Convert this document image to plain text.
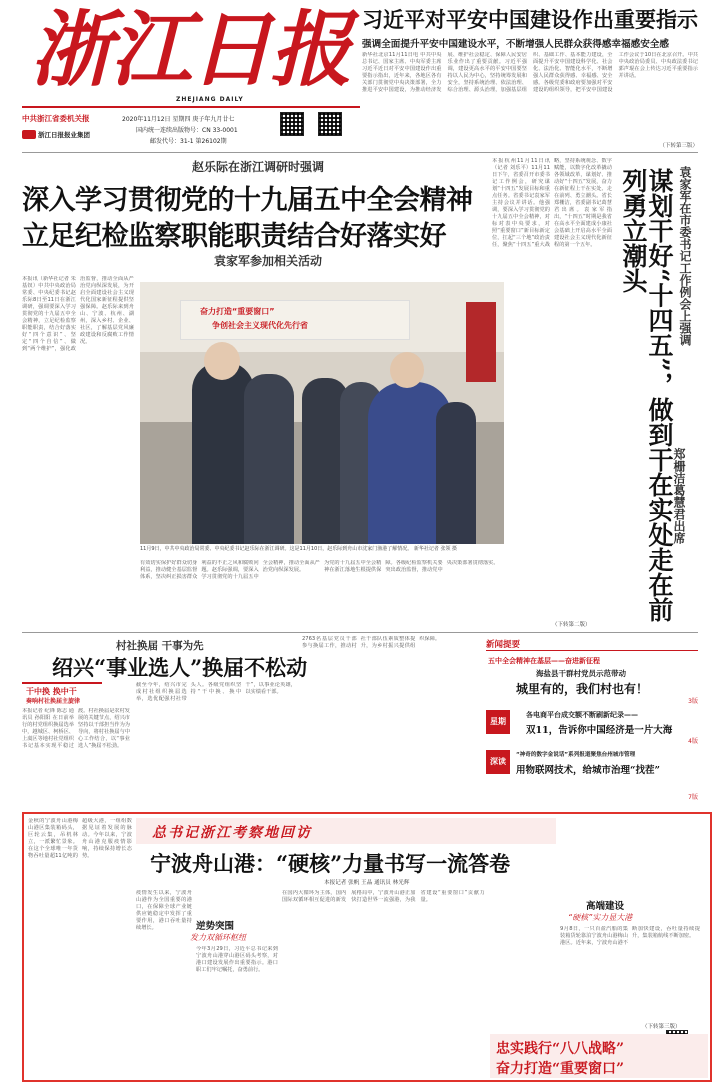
浙江日报
ZHEJIANG DAILY
中共浙江省委机关报
浙江日报报业集团
2020年11月12日 星期四 庚子年九月廿七
国内统一连续出版物号：CN 33-0001
邮发代号：31-1 第26102期
习近平对平安中国建设作出重要指示
强调全面提升平安中国建设水平，不断增强人民群众获得感幸福感安全感
新华社北京11月11日电 中共中央总书记、国家主席、中央军委主席习近平近日对平安中国建设作出重要指示指出，近年来，各地区各有关部门贯彻党中央决策部署，全力推进平安中国建设，为推动经济发展、维护社会稳定、保障人民安居乐业作出了重要贡献。习近平强调，建设更高水平的平安中国要坚持以人民为中心，坚持统筹发展和安全，坚持系统治理、依法治理、综合治理、源头治理，加强基层组织、基础工作、基本能力建设，全面提升平安中国建设科学化、社会化、法治化、智能化水平，不断增强人民群众获得感、幸福感、安全感。各级党委和政府要加强对平安建设的组织领导，把平安中国建设工作会议于10日在北京召开。中共中央政治局委员、中央政法委书记郭声琨在会上传达习近平重要指示并讲话。
（下转第三版）
赵乐际在浙江调研时强调
深入学习贯彻党的十九届五中全会精神
立足纪检监察职能职责结合好落实好
袁家军参加相关活动
本报讯（新华社记者 朱基钗）中共中央政治局常委、中央纪委书记赵乐际8日至11日在浙江调研，强调要深入学习贯彻党的十九届五中全会精神，立足纪检监察职能职责，结合好落实好“四个意识”、坚定“四个自信”、做到“两个维护”，强化政治监督，推动全面从严治党向纵深发展，为开启全面建设社会主义现代化国家新征程提供坚强保障。赵乐际来到舟山、宁波、杭州、湖州，深入乡村、企业、社区，了解基层党风廉政建设和反腐败工作情况。
奋力打造“重要窗口”
争创社会主义现代化先行省
11月9日，中共中央政治局常委、中央纪委书记赵乐际在浙江调研。这是11月10日，赵乐际到舟山市沈家门渔港了解情况。 新华社记者 张领 摄
有效切实保护好群众切身利益，推动健全基层监督体系，坚决纠正损害群众利益的不正之风和腐败问题。赵乐际强调，要深入学习贯彻党的十九届五中全会精神，推动全面从严治党向纵深发展。
为党的十九届五中全会精神在浙江落地生根提供保障。各级纪检监察机关要突出政治监督，推动党中央决策部署贯彻落实。
本报杭州11月11日讯（记者 刘乐平）11月11日下午，省委召开市委书记工作例会，研究谋划“十四五”发展目标和重点任务。省委书记袁家军主持会议并讲话。他强调，要深入学习贯彻党的十九届五中全会精神，对标对表中央要求，对照“重要窗口”新目标新定位，扛起“三个地”政治责任，聚焦“十四五”重大战略，坚持系统观念、数字赋能，以数字化改革撬动各领域改革，谋划好、推动好“十四五”发展，奋力在新征程上干在实处、走在前列、勇立潮头。省长郑栅洁，省委副书记葛慧君出席。袁家军指出，“十四五”时期是我省在高水平全面建成小康社会基础上开启高水平全面建设社会主义现代化新征程的第一个五年。
（下转第二版）
袁家军在市委书记工作例会上强调
谋划干好“十四五”，做到干在实处走在前列勇立潮头
郑栅洁葛慧君出席
村社换届 干事为先
绍兴“事业选人”换届不松动
干中换 换中干
奏响村社换届主旋律
本报记者 纪锋 陈志 通讯员 孙阳阳 在日前举行的村党组织换届选举中，越城区、柯桥区、上虞区等地村社党组织书记基本实现平稳过渡。村社换届是农村发展的关键节点，绍兴市坚持以干部担当作为为导向，将村社换届与中心工作结合，以“事业选人”换届不松劲。
截至今年，绍兴市完成村社组织换届选举，选优配强村社带头人。各级党组织坚持“干中换、换中干”，以事业论英雄，以实绩看干部。
2763名基层党员干部参与换届工作，推动村社干部队伍素质整体提升，为乡村振兴提供组织保障。
新闻提要
五中全会精神在基层——奋进新征程
海盐县干群村党员示范带动
城里有的，我们村也有！
3版
星期
各电商平台成交额不断刷新纪录——
双11，告诉你中国经济是一片大海
4版
深读
“神奇的数字金说话”系列报道聚焦台州城市管理
用物联网技术，给城市治理“找茬”
7版
金秋的宁波舟山港梅山港区集装箱码头，巨轮云集，吊机林立，一派繁忙景象。在这个全球唯一年货物吞吐量超11亿吨的超级大港，一组组数据见证着发展的脉动。今年以来，宁波舟山港克服疫情影响，持续保持增长态势。
总书记浙江考察地回访
宁波舟山港：“硬核”力量书写一流答卷
本报记者 张帆 王晶 通讯员 林光辉
疫情发生以来，宁波舟山港作为全国重要的港口，在保障全球产业链供应链稳定中发挥了重要作用，港口吞吐量持续增长。	逆势突围
发力双循环枢纽
今年3月29日，习近平总书记来到宁波舟山港穿山港区码头考察，对港口建设发展作出重要指示。港口职工们牢记嘱托，奋勇前行。
在国内大循环为主体，国内国际双循环相互促进的新发展格局中，宁波舟山港正加快打造世界一流强港，为我省建设“重要窗口”贡献力量。
高端建设
“硬核”实力显大港
9月8日，一只百盈汽船的集装箱货轮靠泊宁波舟山港梅山港区。近年来，宁波舟山港不断加快建设，吞吐量持续提升，集装箱航线不断加密。
（下转第三版）
忠实践行“八八战略”
奋力打造“重要窗口”
